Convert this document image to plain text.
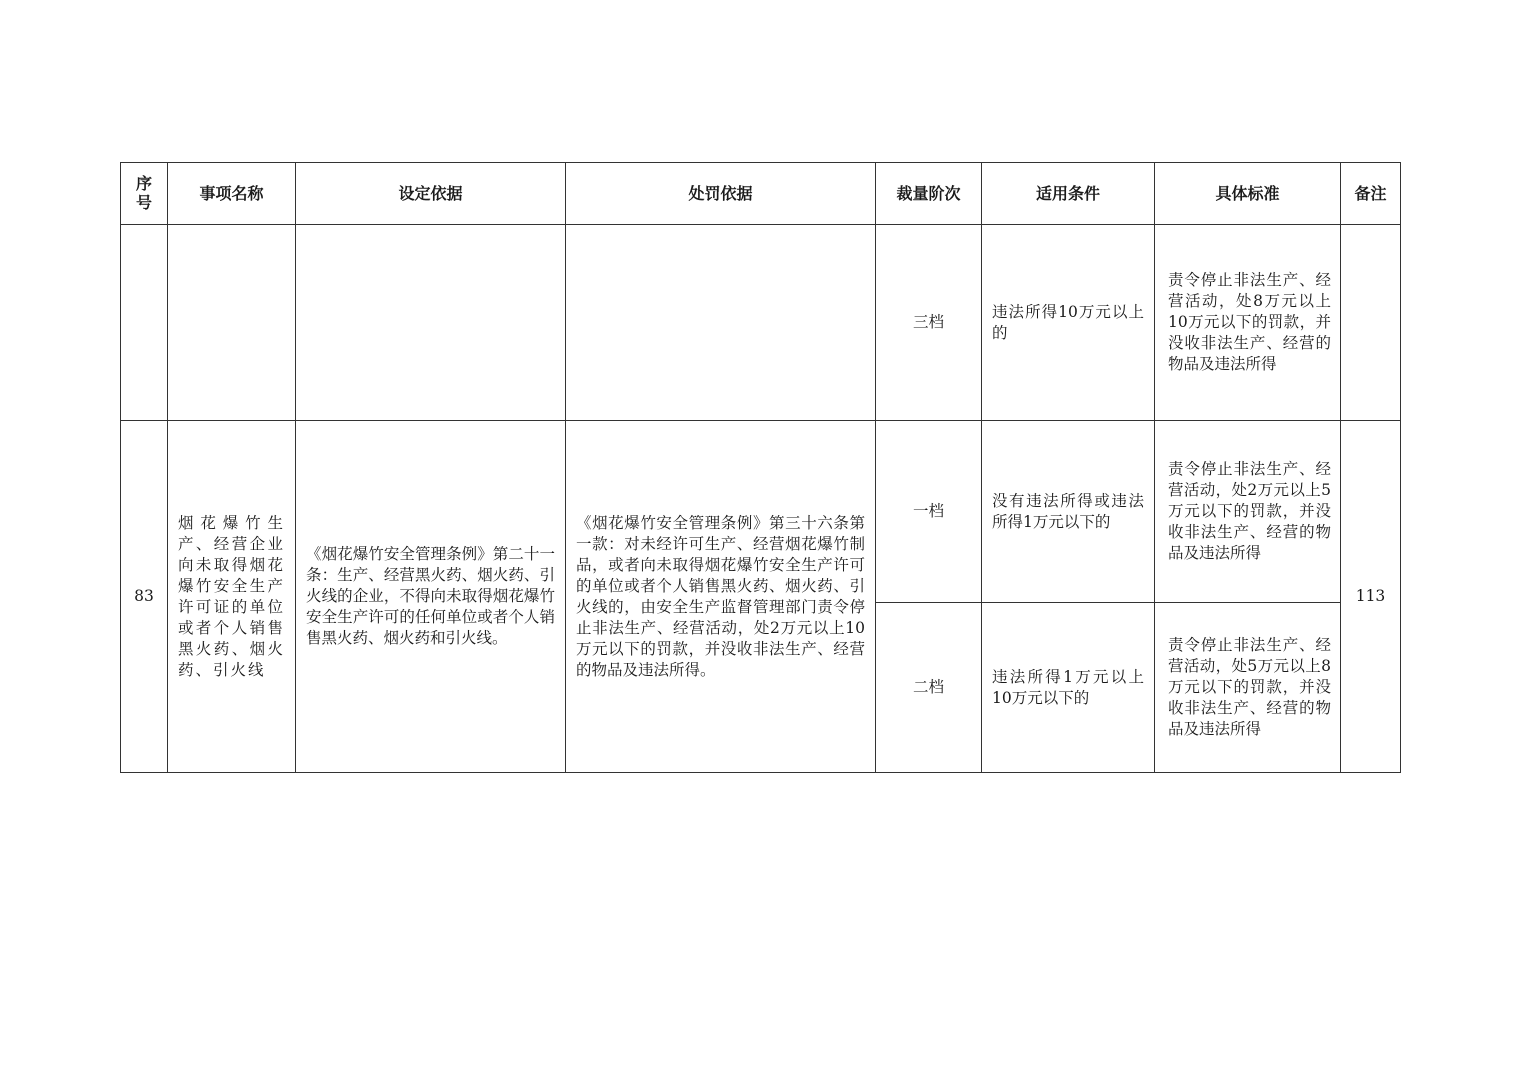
序号	事项名称	设定依据	处罚依据	裁量阶次	适用条件	具体标准	备注

				三档	违法所得10万元以上的	责令停止非法生产、经营活动，处8万元以上10万元以下的罚款，并没收非法生产、经营的物品及违法所得	

83	烟花爆竹生产、经营企业向未取得烟花爆竹安全生产许可证的单位或者个人销售黑火药、烟火药、引火线	《烟花爆竹安全管理条例》第二十一条：生产、经营黑火药、烟火药、引火线的企业，不得向未取得烟花爆竹安全生产许可的任何单位或者个人销售黑火药、烟火药和引火线。	《烟花爆竹安全管理条例》第三十六条第一款：对未经许可生产、经营烟花爆竹制品，或者向未取得烟花爆竹安全生产许可的单位或者个人销售黑火药、烟火药、引火线的，由安全生产监督管理部门责令停止非法生产、经营活动，处2万元以上10万元以下的罚款，并没收非法生产、经营的物品及违法所得。	一档	没有违法所得或违法所得1万元以下的	责令停止非法生产、经营活动，处2万元以上5万元以下的罚款，并没收非法生产、经营的物品及违法所得	113

				二档	违法所得1万元以上10万元以下的	责令停止非法生产、经营活动，处5万元以上8万元以下的罚款，并没收非法生产、经营的物品及违法所得	
